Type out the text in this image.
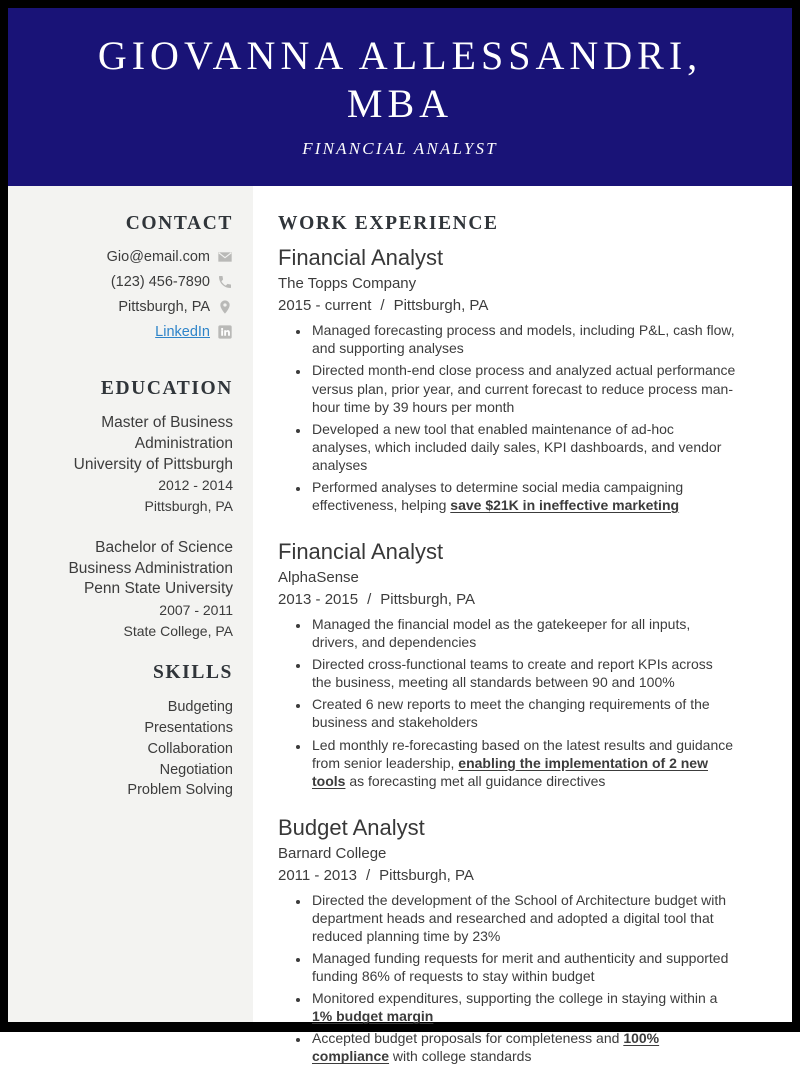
GIOVANNA ALLESSANDRI, MBA
FINANCIAL ANALYST
CONTACT
Gio@email.com
(123) 456-7890
Pittsburgh, PA
LinkedIn
EDUCATION
Master of Business Administration
University of Pittsburgh
2012 - 2014
Pittsburgh, PA
Bachelor of Science
Business Administration
Penn State University
2007 - 2011
State College, PA
SKILLS
Budgeting
Presentations
Collaboration
Negotiation
Problem Solving
WORK EXPERIENCE
Financial Analyst
The Topps Company
2015 - current / Pittsburgh, PA
• Managed forecasting process and models, including P&L, cash flow, and supporting analyses
• Directed month-end close process and analyzed actual performance versus plan, prior year, and current forecast to reduce process man-hour time by 39 hours per month
• Developed a new tool that enabled maintenance of ad-hoc analyses, which included daily sales, KPI dashboards, and vendor analyses
• Performed analyses to determine social media campaigning effectiveness, helping save $21K in ineffective marketing
Financial Analyst
AlphaSense
2013 - 2015 / Pittsburgh, PA
• Managed the financial model as the gatekeeper for all inputs, drivers, and dependencies
• Directed cross-functional teams to create and report KPIs across the business, meeting all standards between 90 and 100%
• Created 6 new reports to meet the changing requirements of the business and stakeholders
• Led monthly re-forecasting based on the latest results and guidance from senior leadership, enabling the implementation of 2 new tools as forecasting met all guidance directives
Budget Analyst
Barnard College
2011 - 2013 / Pittsburgh, PA
• Directed the development of the School of Architecture budget with department heads and researched and adopted a digital tool that reduced planning time by 23%
• Managed funding requests for merit and authenticity and supported funding 86% of requests to stay within budget
• Monitored expenditures, supporting the college in staying within a 1% budget margin
• Accepted budget proposals for completeness and 100% compliance with college standards
